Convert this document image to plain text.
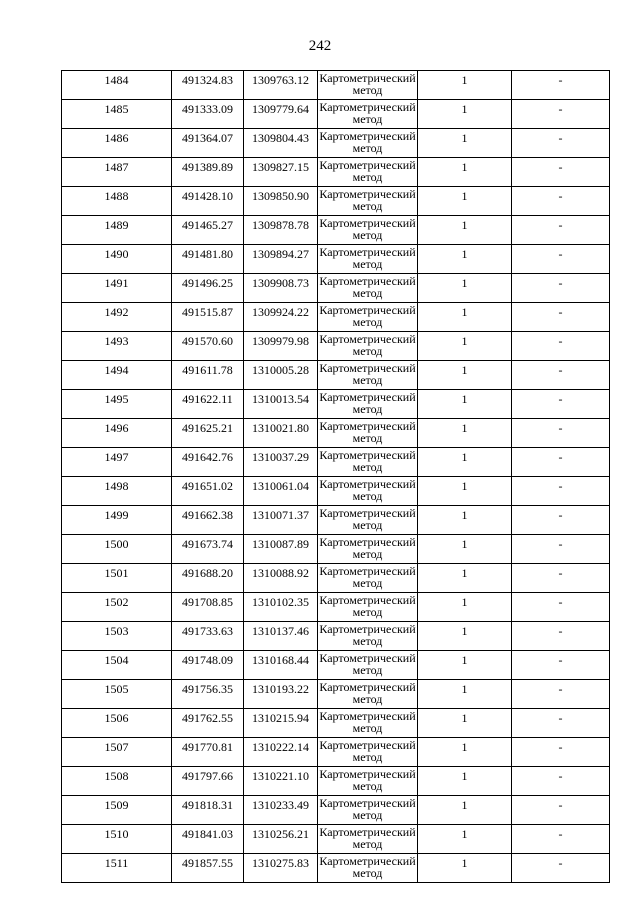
242
1484	491324.83	1309763.12	Картометрический метод	1	-
1485	491333.09	1309779.64	Картометрический метод	1	-
1486	491364.07	1309804.43	Картометрический метод	1	-
1487	491389.89	1309827.15	Картометрический метод	1	-
1488	491428.10	1309850.90	Картометрический метод	1	-
1489	491465.27	1309878.78	Картометрический метод	1	-
1490	491481.80	1309894.27	Картометрический метод	1	-
1491	491496.25	1309908.73	Картометрический метод	1	-
1492	491515.87	1309924.22	Картометрический метод	1	-
1493	491570.60	1309979.98	Картометрический метод	1	-
1494	491611.78	1310005.28	Картометрический метод	1	-
1495	491622.11	1310013.54	Картометрический метод	1	-
1496	491625.21	1310021.80	Картометрический метод	1	-
1497	491642.76	1310037.29	Картометрический метод	1	-
1498	491651.02	1310061.04	Картометрический метод	1	-
1499	491662.38	1310071.37	Картометрический метод	1	-
1500	491673.74	1310087.89	Картометрический метод	1	-
1501	491688.20	1310088.92	Картометрический метод	1	-
1502	491708.85	1310102.35	Картометрический метод	1	-
1503	491733.63	1310137.46	Картометрический метод	1	-
1504	491748.09	1310168.44	Картометрический метод	1	-
1505	491756.35	1310193.22	Картометрический метод	1	-
1506	491762.55	1310215.94	Картометрический метод	1	-
1507	491770.81	1310222.14	Картометрический метод	1	-
1508	491797.66	1310221.10	Картометрический метод	1	-
1509	491818.31	1310233.49	Картометрический метод	1	-
1510	491841.03	1310256.21	Картометрический метод	1	-
1511	491857.55	1310275.83	Картометрический метод	1	-
